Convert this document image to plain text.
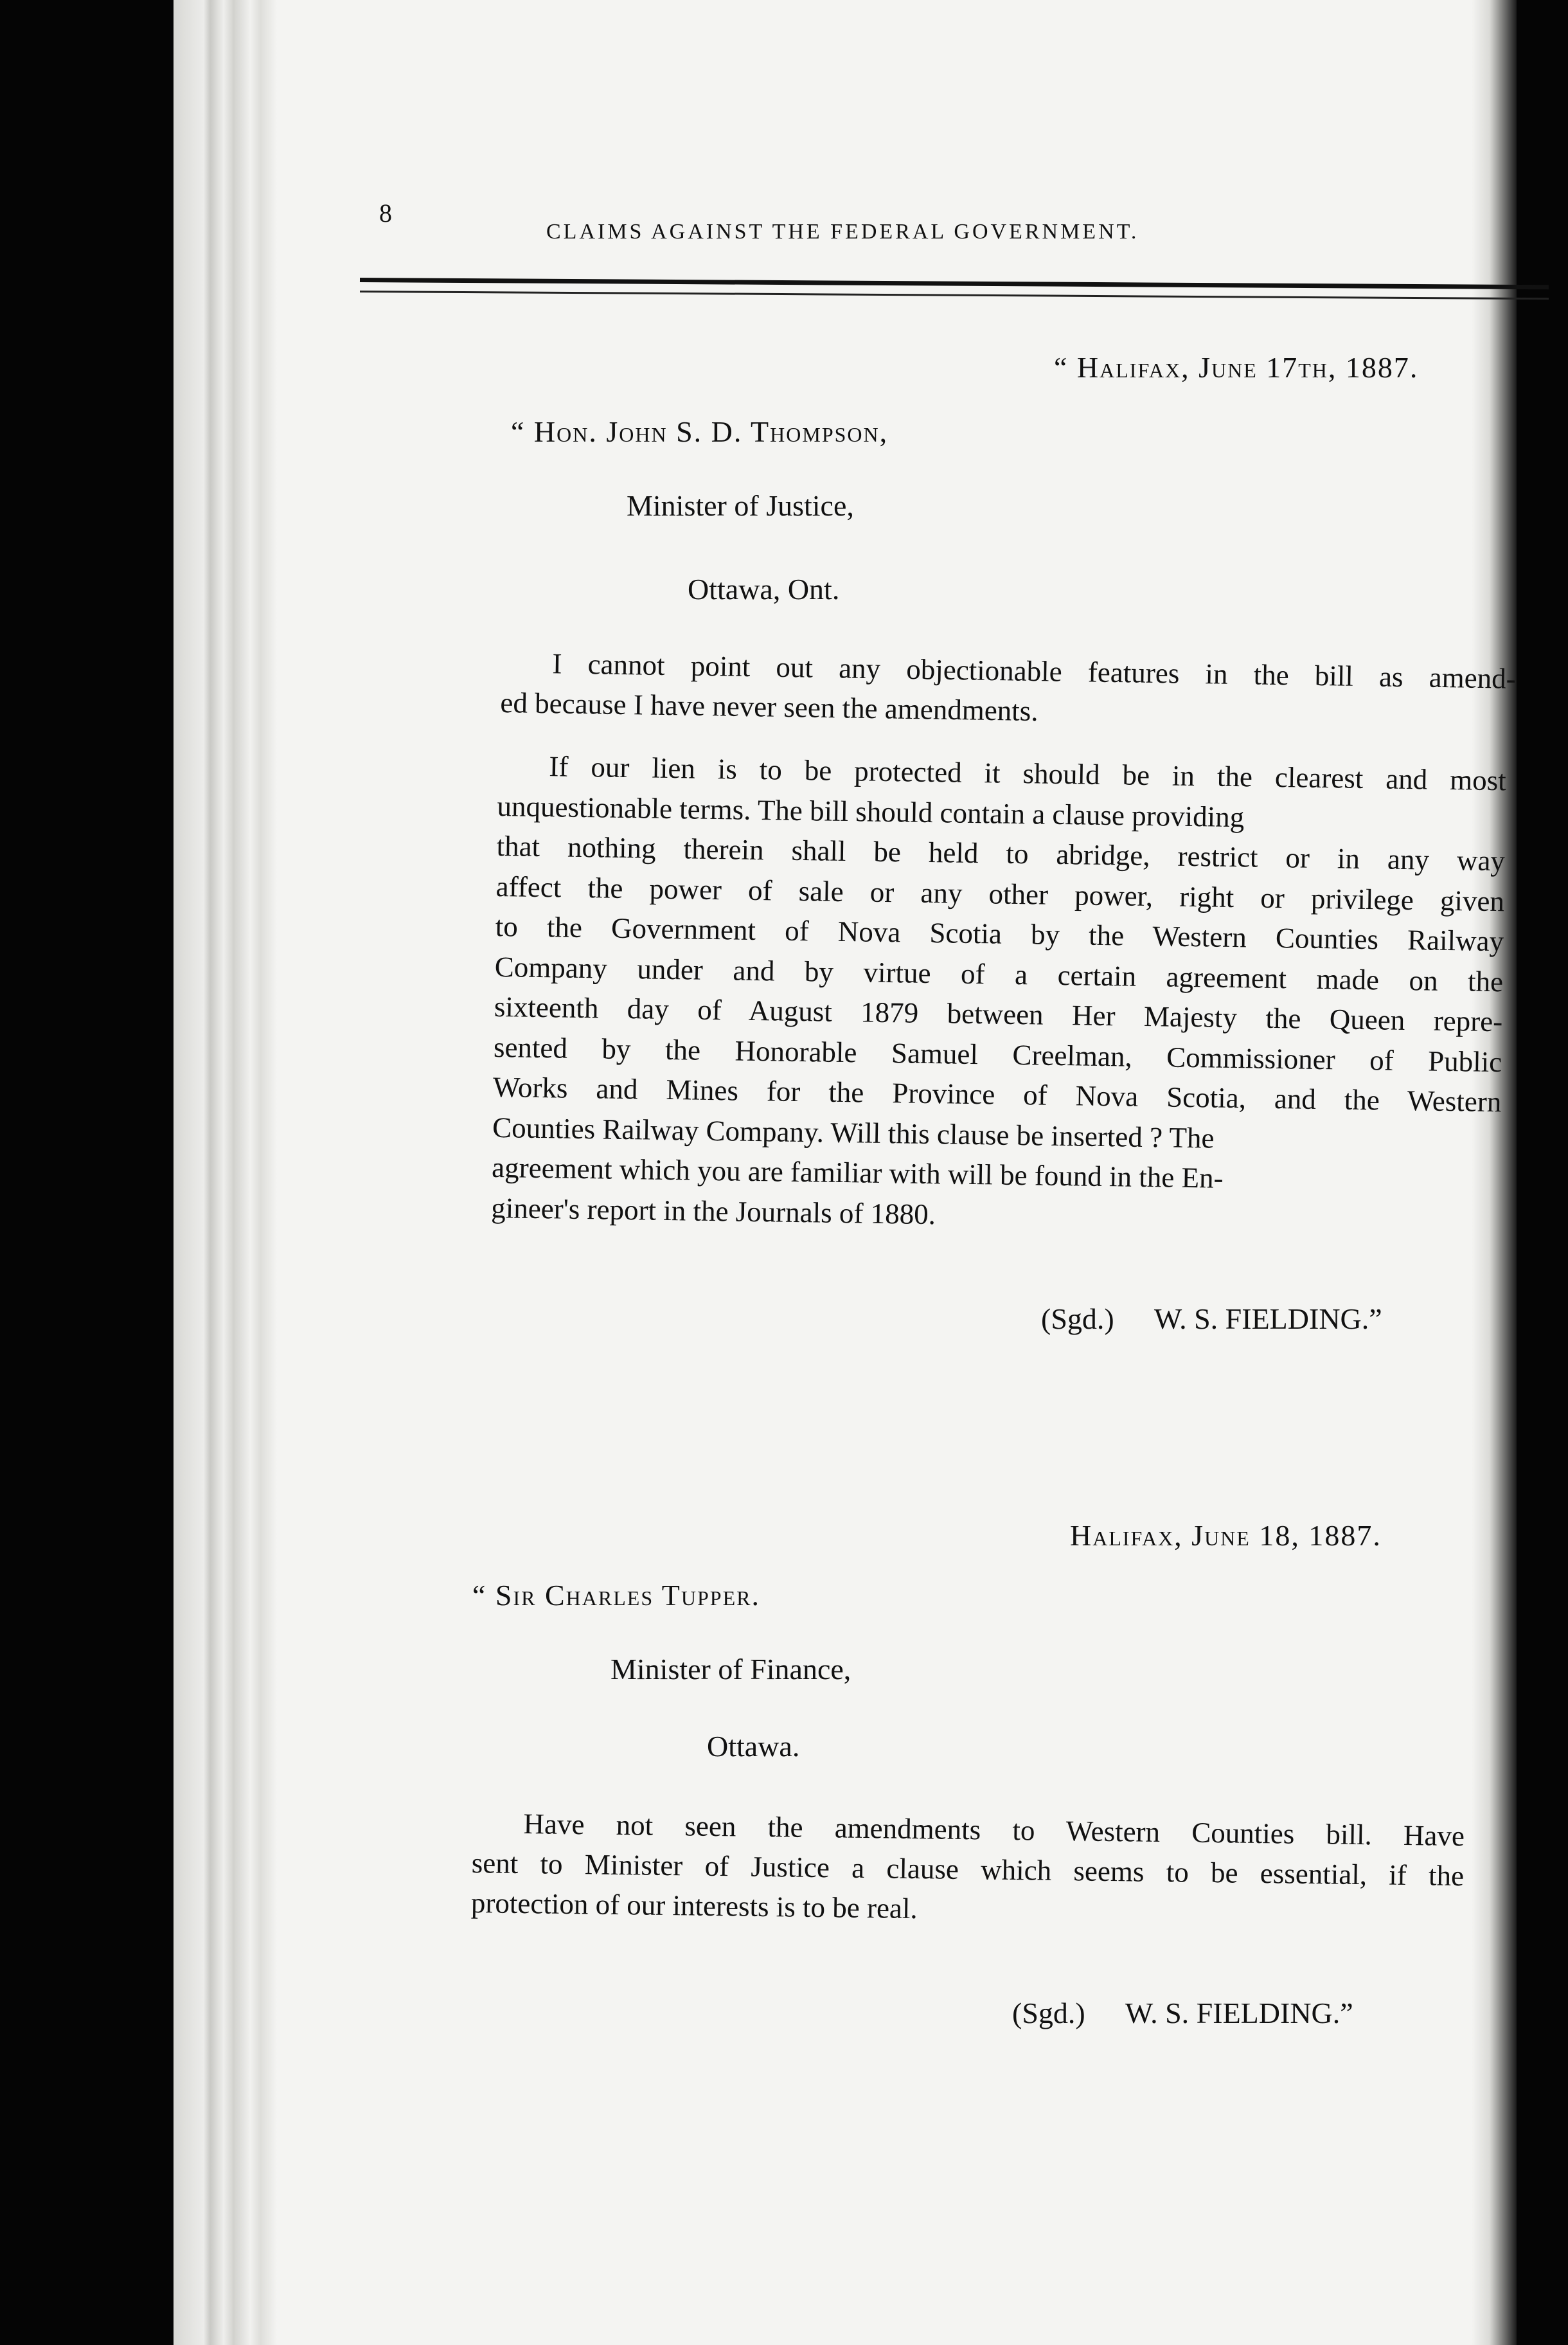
8
CLAIMS AGAINST THE FEDERAL GOVERNMENT.
“ Halifax, June 17th, 1887.
“ Hon. John S. D. Thompson,
Minister of Justice,
Ottawa, Ont.
I cannot point out any objectionable features in the bill as amend-
ed because I have never seen the amendments.
If our lien is to be protected it should be in the clearest and most
unquestionable terms. The bill should contain a clause providing
that nothing therein shall be held to abridge, restrict or in any way
affect the power of sale or any other power, right or privilege given
to the Government of Nova Scotia by the Western Counties Railway
Company under and by virtue of a certain agreement made on the
sixteenth day of August 1879 between Her Majesty the Queen repre-
sented by the Honorable Samuel Creelman, Commissioner of Public
Works and Mines for the Province of Nova Scotia, and the Western
Counties Railway Company. Will this clause be inserted ? The
agreement which you are familiar with will be found in the En-
gineer's report in the Journals of 1880.
(Sgd.) W. S. FIELDING.”
Halifax, June 18, 1887.
“ Sir Charles Tupper.
Minister of Finance,
Ottawa.
Have not seen the amendments to Western Counties bill. Have
sent to Minister of Justice a clause which seems to be essential, if the
protection of our interests is to be real.
(Sgd.) W. S. FIELDING.”
